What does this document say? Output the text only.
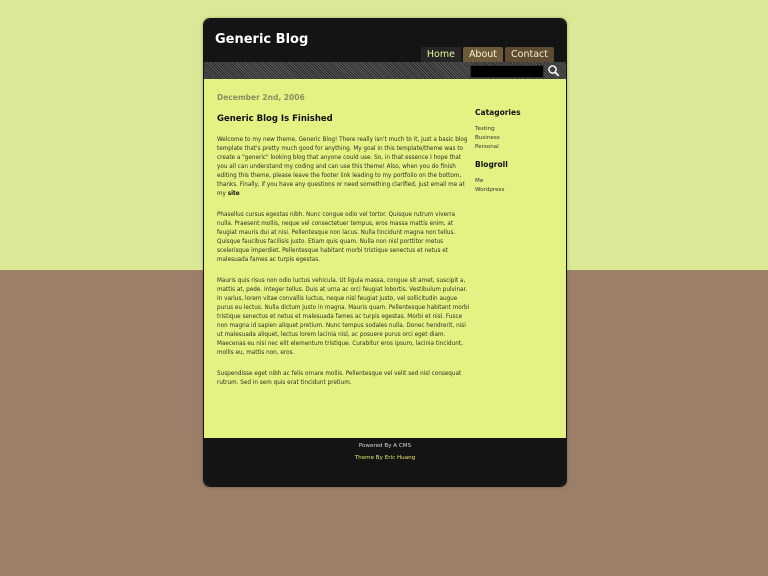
Generic Blog
Home	About	Contact

December 2nd, 2006

Generic Blog Is Finished

Welcome to my new theme, Generic Blog! There really isn't much to it, just a basic blog template that's pretty much good for anything. My goal in this template/theme was to create a "generic" looking blog that anyone could use. So, in that essence I hope that you all can understand my coding and can use this theme! Also, when you do finish editing this theme, please leave the footer link leading to my portfolio on the bottom, thanks. Finally, if you have any questions or need something clarified, just email me at my site

Phasellus cursus egestas nibh. Nunc congue odio vel tortor. Quisque rutrum viverra nulla. Praesent mollis, neque vel consectetuer tempus, eros massa mattis enim, at feugiat mauris dui at nisi. Pellentesque non lacus. Nulla tincidunt magna non tellus. Quisque faucibus facilisis justo. Etiam quis quam. Nulla non nisl porttitor metus scelerisque imperdiet. Pellentesque habitant morbi tristique senectus et netus et malesuada fames ac turpis egestas.

Mauris quis risus non odio luctus vehicula. Ut ligula massa, congue sit amet, suscipit a, mattis at, pede. Integer tellus. Duis at urna ac orci feugiat lobortis. Vestibulum pulvinar. In varius, lorem vitae convallis luctus, neque nisl feugiat justo, vel sollicitudin augue purus eu lectus. Nulla dictum justo in magna. Mauris quam. Pellentesque habitant morbi tristique senectus et netus et malesuada fames ac turpis egestas. Morbi et nisl. Fusce non magna id sapien aliquet pretium. Nunc tempus sodales nulla. Donec hendrerit, nisi ut malesuada aliquet, lectus lorem lacinia nisl, ac posuere purus orci eget diam. Maecenas eu nisi nec elit elementum tristique. Curabitur eros ipsum, lacinia tincidunt, mollis eu, mattis non, eros.

Suspendisse eget nibh ac felis ornare mollis. Pellentesque vel velit sed nisl consequat rutrum. Sed in sem quis erat tincidunt pretium.

Catagories
Testing
Business
Personal
Blogroll
Me
Wordpress
Powered By A CMS
Theme By Eric Huang
